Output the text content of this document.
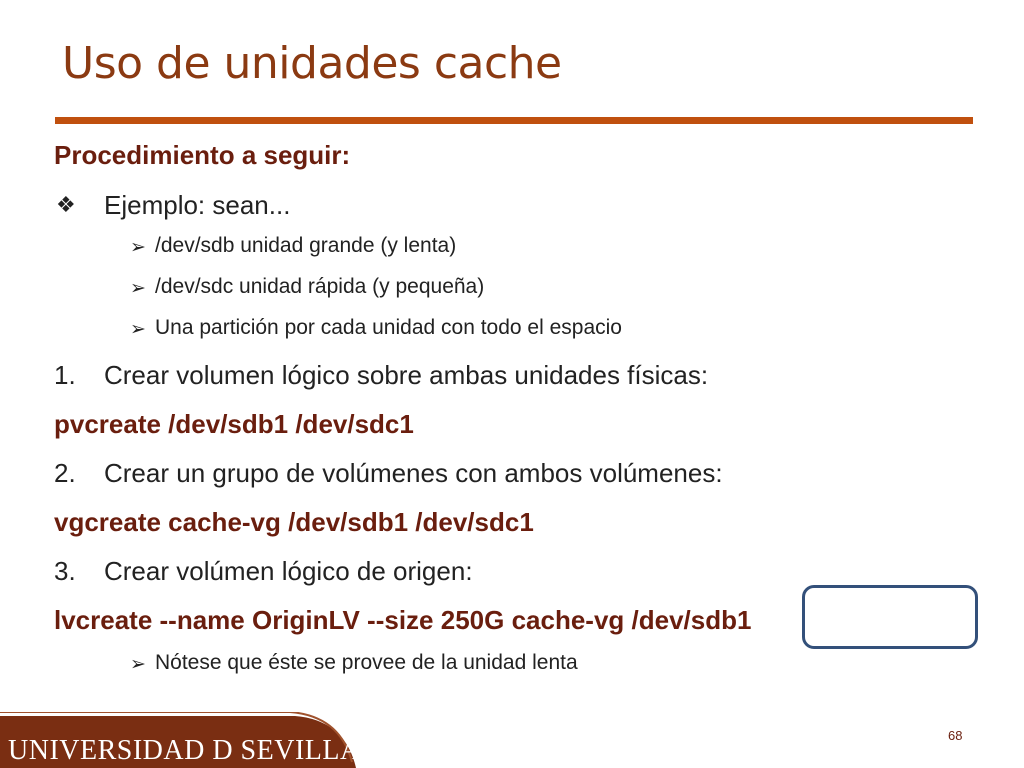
Uso de unidades cache
Procedimiento a seguir:
❖ Ejemplo: sean...
➢ /dev/sdb unidad grande (y lenta)
➢ /dev/sdc unidad rápida (y pequeña)
➢ Una partición por cada unidad con todo el espacio
1. Crear volumen lógico sobre ambas unidades físicas:
pvcreate /dev/sdb1 /dev/sdc1
2. Crear un grupo de volúmenes con ambos volúmenes:
vgcreate cache-vg /dev/sdb1 /dev/sdc1
3. Crear volúmen lógico de origen:
lvcreate --name OriginLV --size 250G cache-vg /dev/sdb1
➢ Nótese que éste se provee de la unidad lenta
UNIVERSIDAD D SEVILLA	68
